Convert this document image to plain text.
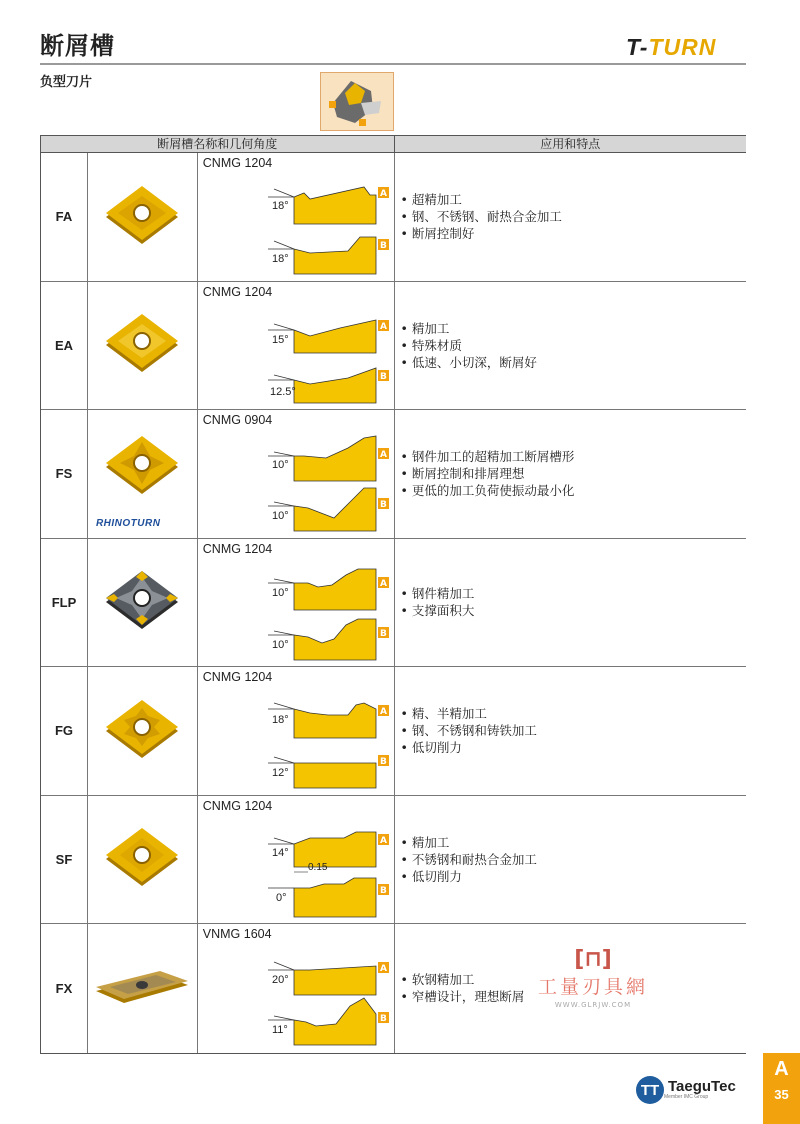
断屑槽	T-TURN
负型刀片
断屑槽名称和几何角度	应用和特点
FA
CNMG 1204
18°
A
18°
B
• 超精加工
• 钢、不锈钢、耐热合金加工
• 断屑控制好
EA
CNMG 1204
15°
A
12.5°
B
• 精加工
• 特殊材质
• 低速、小切深，断屑好
FS
RHINOTURN
CNMG 0904
10°
A
10°
B
• 钢件加工的超精加工断屑槽形
• 断屑控制和排屑理想
• 更低的加工负荷使振动最小化
FLP
CNMG 1204
10°
A
10°
B
• 钢件精加工
• 支撑面积大
FG
CNMG 1204
18°
A
12°
B
• 精、半精加工
• 钢、不锈钢和铸铁加工
• 低切削力
SF
CNMG 1204
14°
A
0.15
0°
B
• 精加工
• 不锈钢和耐热合金加工
• 低切削力
FX
VNMG 1604
20°
A
11°
B
• 软钢精加工
• 窄槽设计，理想断屑
[⊓]
工量刃具網
WWW.GLRJW.COM
TT TaeguTec
Member IMC Group
A
35
